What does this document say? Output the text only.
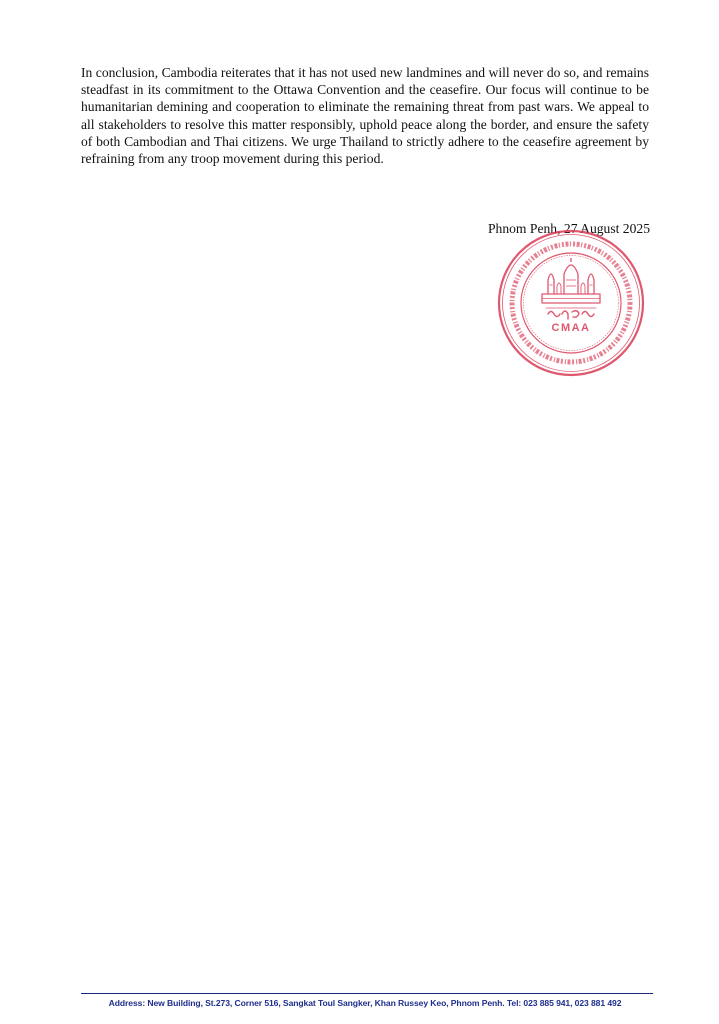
In conclusion, Cambodia reiterates that it has not used new landmines and will never do so, and remains steadfast in its commitment to the Ottawa Convention and the ceasefire. Our focus will continue to be humanitarian demining and cooperation to eliminate the remaining threat from past wars. We appeal to all stakeholders to resolve this matter responsibly, uphold peace along the border, and ensure the safety of both Cambodian and Thai citizens. We urge Thailand to strictly adhere to the ceasefire agreement by refraining from any troop movement during this period.

Phnom Penh, 27 August 2025
CMAA
Address: New Building, St.273, Corner 516, Sangkat Toul Sangker, Khan Russey Keo, Phnom Penh. Tel: 023 885 941, 023 881 492
